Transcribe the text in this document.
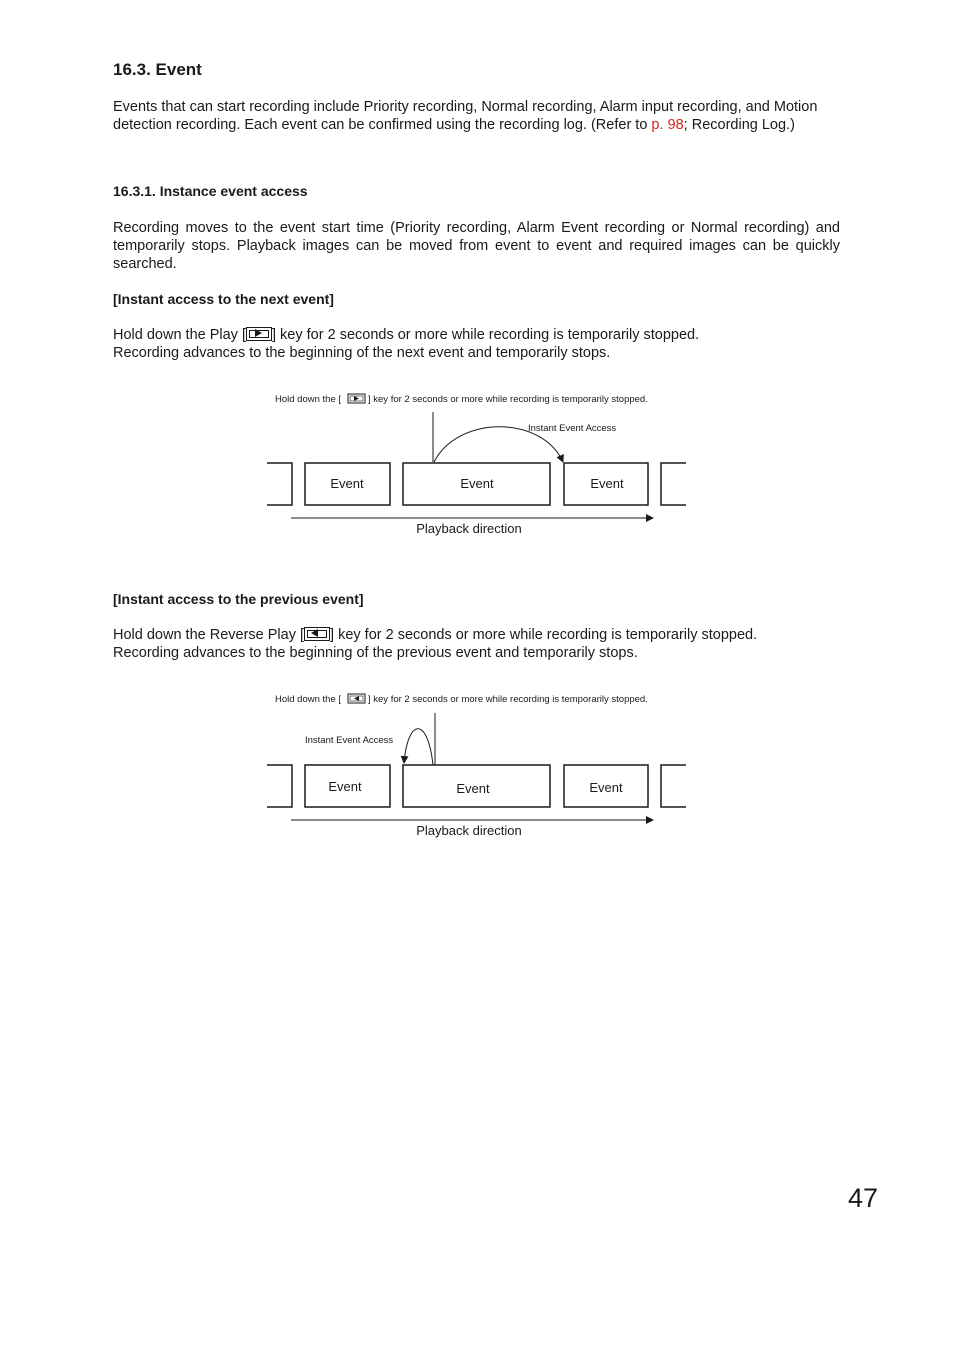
16.3. Event
Events that can start recording include Priority recording, Normal recording, Alarm input recording, and Motion detection recording. Each event can be confirmed using the recording log. (Refer to p. 98; Recording Log.)
16.3.1. Instance event access
Recording moves to the event start time (Priority recording, Alarm Event recording or Normal recording) and temporarily stops. Playback images can be moved from event to event and required images can be quickly searched.
[Instant access to the next event]
Hold down the Play [ ] key for 2 seconds or more while recording is temporarily stopped.
Recording advances to the beginning of the next event and temporarily stops.
Hold down the [	] key for 2 seconds or more while recording is temporarily stopped.
Instant Event Access
Event	Event	Event
Playback direction
[Instant access to the previous event]
Hold down the Reverse Play [ ] key for 2 seconds or more while recording is temporarily stopped.
Recording advances to the beginning of the previous event and temporarily stops.
Hold down the [	] key for 2 seconds or more while recording is temporarily stopped.
Instant Event Access
Event	Event	Event
Playback direction
47
